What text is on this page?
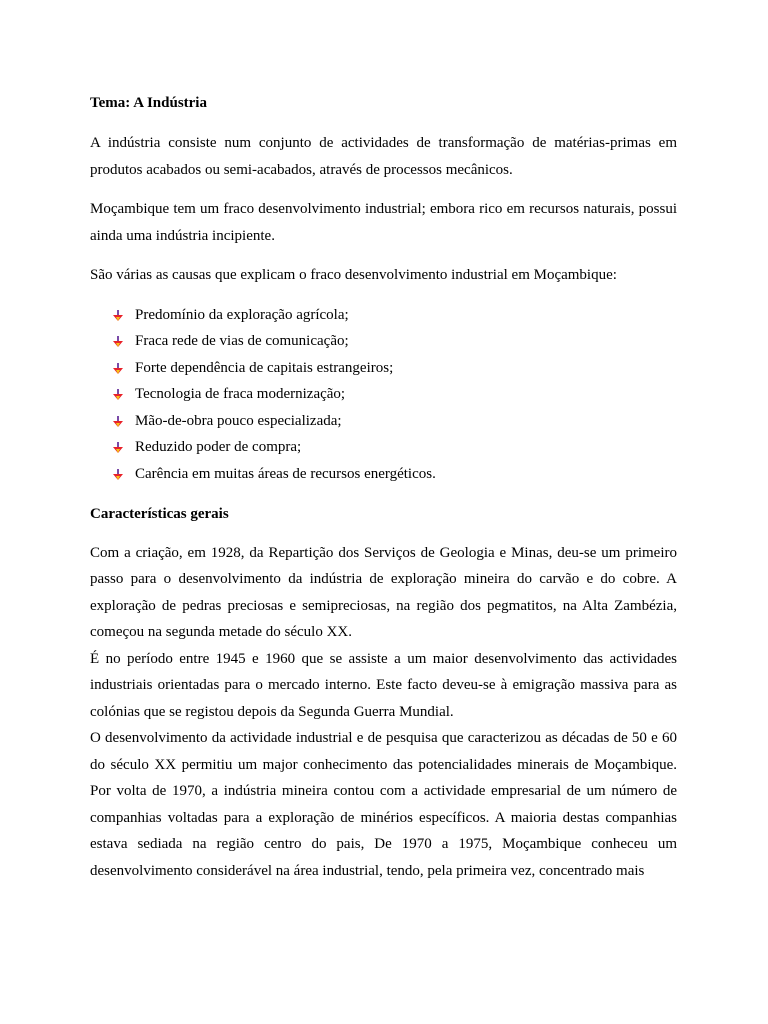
Tema: A Indústria

A indústria consiste num conjunto de actividades de transformação de matérias-primas em produtos acabados ou semi-acabados, através de processos mecânicos.

Moçambique tem um fraco desenvolvimento industrial; embora rico em recursos naturais, possui ainda uma indústria incipiente.

São várias as causas que explicam o fraco desenvolvimento industrial em Moçambique:

Predomínio da exploração agrícola;
Fraca rede de vias de comunicação;
Forte dependência de capitais estrangeiros;
Tecnologia de fraca modernização;
Mão-de-obra pouco especializada;
Reduzido poder de compra;
Carência em muitas áreas de recursos energéticos.
Características gerais

Com a criação, em 1928, da Repartição dos Serviços de Geologia e Minas, deu-se um primeiro passo para o desenvolvimento da indústria de exploração mineira do carvão e do cobre. A exploração de pedras preciosas e semipreciosas, na região dos pegmatitos, na Alta Zambézia, começou na segunda metade do século XX.

É no período entre 1945 e 1960 que se assiste a um maior desenvolvimento das actividades industriais orientadas para o mercado interno. Este facto deveu-se à emigração massiva para as colónias que se registou depois da Segunda Guerra Mundial.

O desenvolvimento da actividade industrial e de pesquisa que caracterizou as décadas de 50 e 60 do século XX permitiu um major conhecimento das potencialidades minerais de Moçambique. Por volta de 1970, a indústria mineira contou com a actividade empresarial de um número de companhias voltadas para a exploração de minérios específicos. A maioria destas companhias estava sediada na região centro do pais, De 1970 a 1975, Moçambique conheceu um desenvolvimento considerável na área industrial, tendo, pela primeira vez, concentrado mais
